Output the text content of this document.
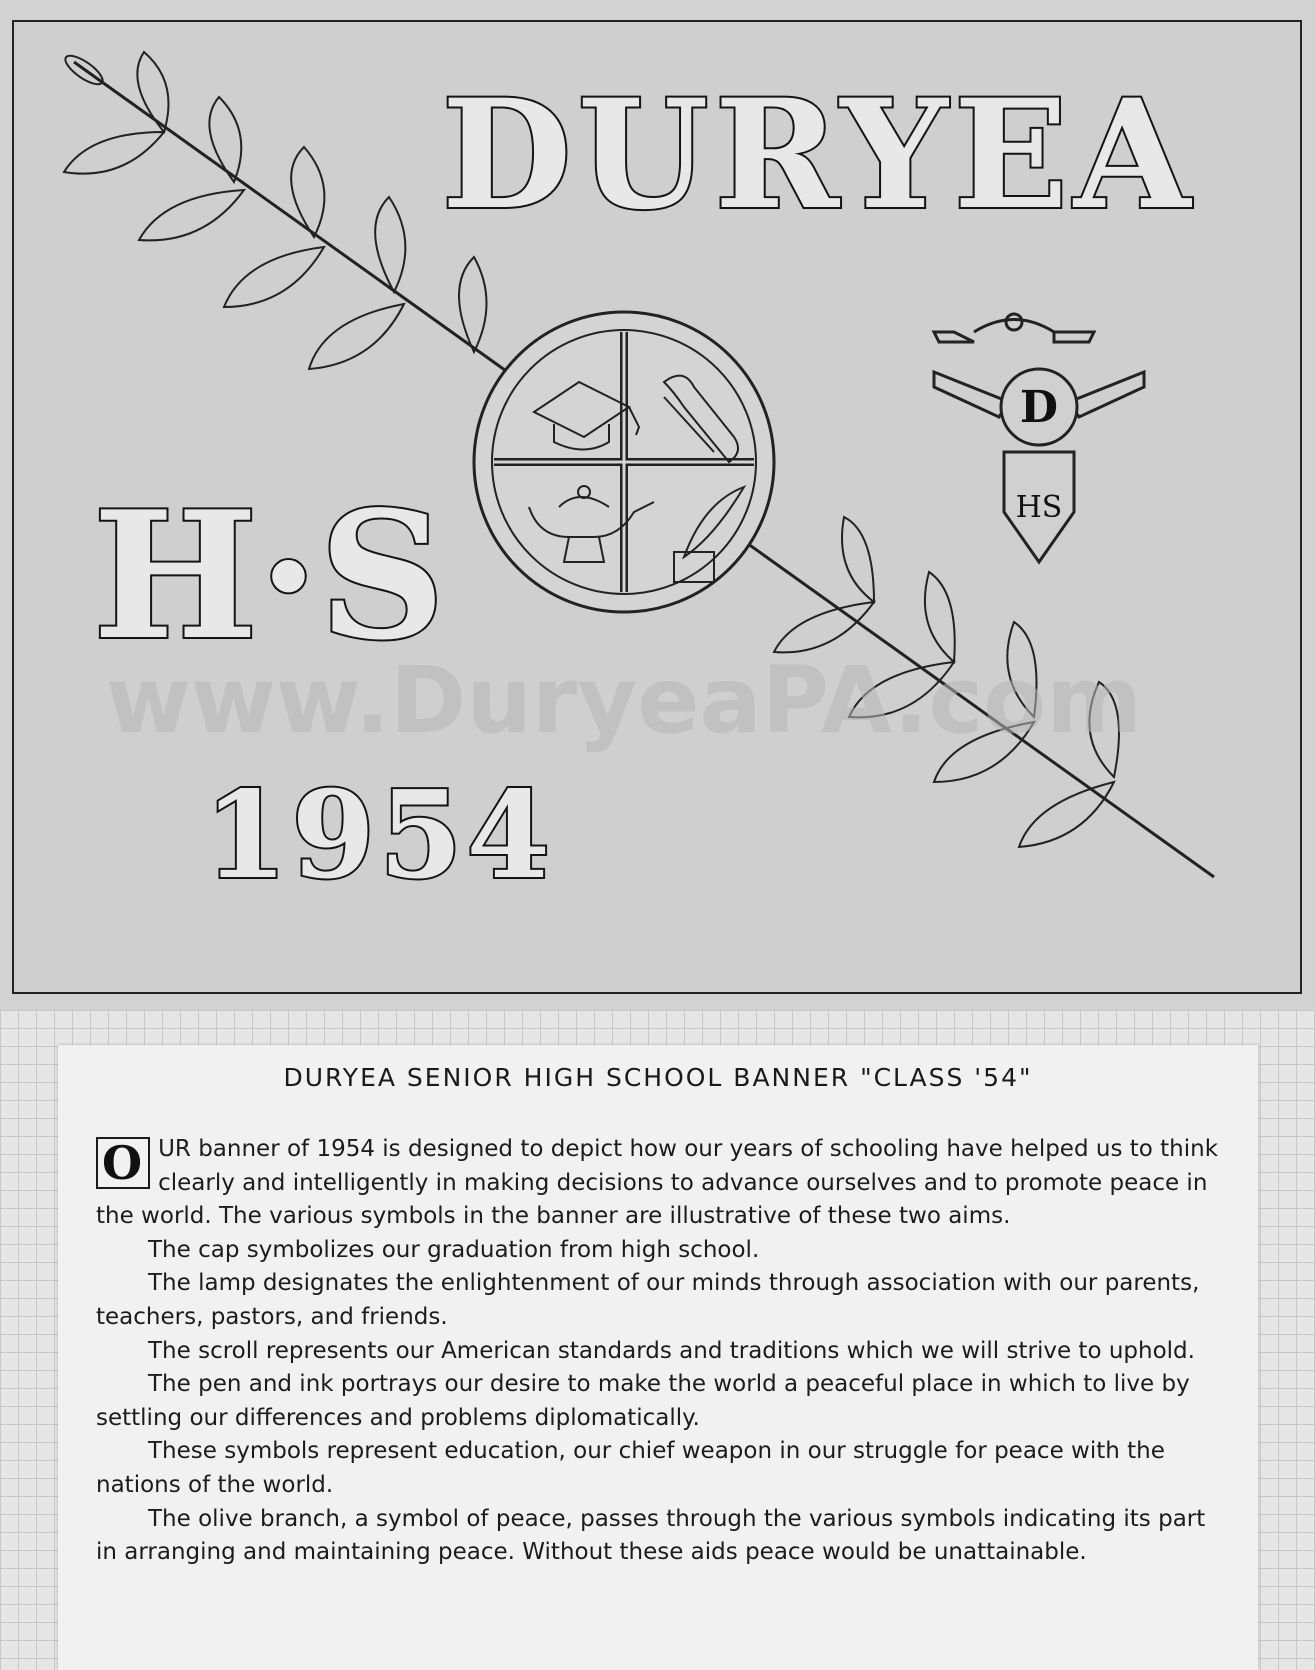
D
HS
DURYEA
H·S
1954
www.DuryeaPA.com
DURYEA SENIOR HIGH SCHOOL BANNER "CLASS '54"

O UR banner of 1954 is designed to depict how our years of schooling have helped us to think clearly and intelligently in making decisions to advance ourselves and to promote peace in the world. The various symbols in the banner are illustrative of these two aims.

The cap symbolizes our graduation from high school.

The lamp designates the enlightenment of our minds through association with our parents, teachers, pastors, and friends.

The scroll represents our American standards and traditions which we will strive to uphold.

The pen and ink portrays our desire to make the world a peaceful place in which to live by settling our differences and problems diplomatically.

These symbols represent education, our chief weapon in our struggle for peace with the nations of the world.

The olive branch, a symbol of peace, passes through the various symbols indicating its part in arranging and maintaining peace. Without these aids peace would be unattainable.
